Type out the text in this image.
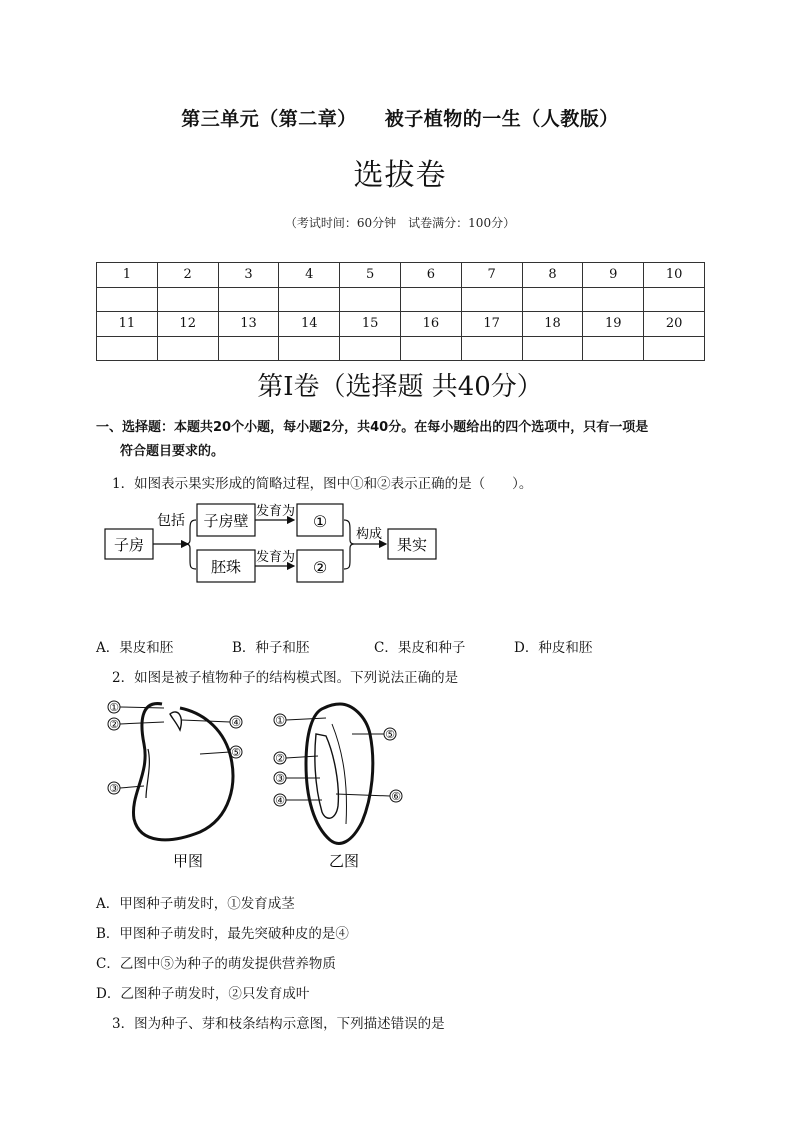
第三单元（第二章） 被子植物的一生（人教版）
选拔卷
（考试时间：60分钟　试卷满分：100分）
1	2	3	4	5	6	7	8	9	10

11	12	13	14	15	16	17	18	19	20

第Ⅰ卷（选择题 共40分）
一、选择题：本题共20个小题，每小题2分，共40分。在每小题给出的四个选项中，只有一项是
符合题目要求的。
1．如图表示果实形成的简略过程，图中①和②表示正确的是（　　）。
子房
包括 子房壁
胚珠
发育为
发育为
①
②
构成
果实
A．果皮和胚	B．种子和胚	C．果皮和种子	D．种皮和胚
2．如图是被子植物种子的结构模式图。下列说法正确的是
①
②
③
④
⑤
甲图
①
⑤
②
③
④	⑥
乙图
A．甲图种子萌发时，①发育成茎
B．甲图种子萌发时，最先突破种皮的是④
C．乙图中⑤为种子的萌发提供营养物质
D．乙图种子萌发时，②只发育成叶
3．图为种子、芽和枝条结构示意图，下列描述错误的是
